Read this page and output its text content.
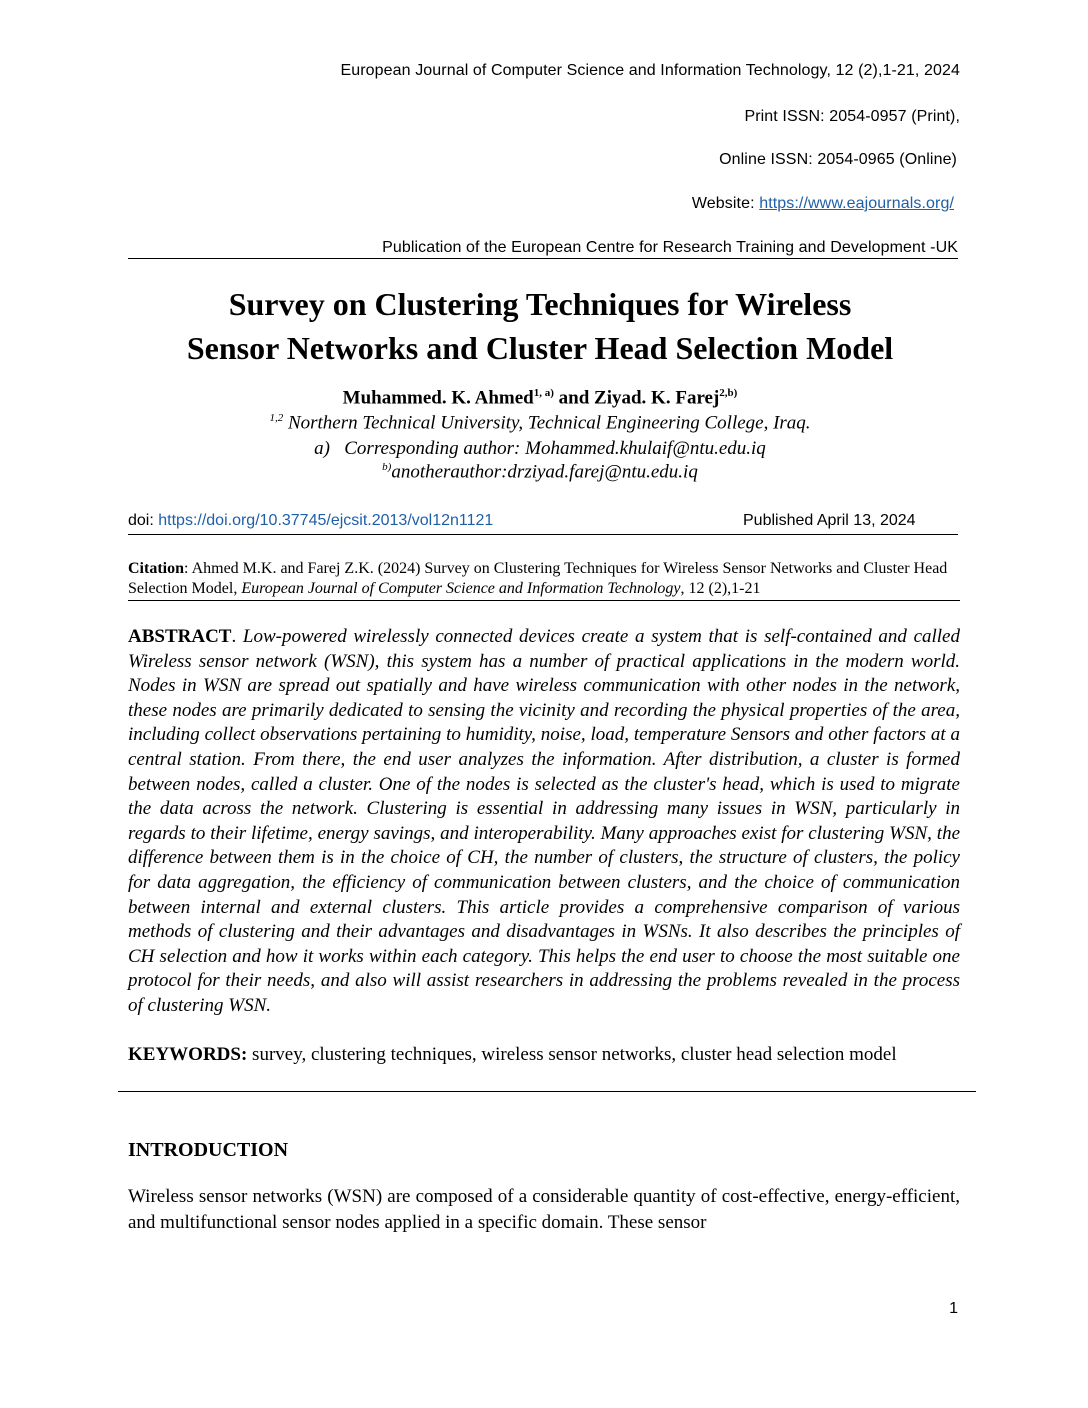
European Journal of Computer Science and Information Technology, 12 (2),1-21, 2024
Print ISSN: 2054-0957 (Print),
Online ISSN: 2054-0965 (Online)
Website: https://www.eajournals.org/
Publication of the European Centre for Research Training and Development -UK
Survey on Clustering Techniques for Wireless
Sensor Networks and Cluster Head Selection Model
Muhammed. K. Ahmed$^{1, a)}$ and Ziyad. K. Farej$^{2,b)}$
$^{1,2}$ Northern Technical University, Technical Engineering College, Iraq.
a) Corresponding author: Mohammed.khulaif@ntu.edu.iq
$^{b)}$anotherauthor:drziyad.farej@ntu.edu.iq
doi: https://doi.org/10.37745/ejcsit.2013/vol12n1121	Published April 13, 2024
Citation: Ahmed M.K. and Farej Z.K. (2024) Survey on Clustering Techniques for Wireless Sensor Networks and Cluster Head Selection Model, European Journal of Computer Science and Information Technology, 12 (2),1-21
ABSTRACT. Low-powered wirelessly connected devices create a system that is self-contained and called Wireless sensor network (WSN), this system has a number of practical applications in the modern world. Nodes in WSN are spread out spatially and have wireless communication with other nodes in the network, these nodes are primarily dedicated to sensing the vicinity and recording the physical properties of the area, including collect observations pertaining to humidity, noise, load, temperature Sensors and other factors at a central station. From there, the end user analyzes the information. After distribution, a cluster is formed between nodes, called a cluster. One of the nodes is selected as the cluster's head, which is used to migrate the data across the network. Clustering is essential in addressing many issues in WSN, particularly in regards to their lifetime, energy savings, and interoperability. Many approaches exist for clustering WSN, the difference between them is in the choice of CH, the number of clusters, the structure of clusters, the policy for data aggregation, the efficiency of communication between clusters, and the choice of communication between internal and external clusters. This article provides a comprehensive comparison of various methods of clustering and their advantages and disadvantages in WSNs. It also describes the principles of CH selection and how it works within each category. This helps the end user to choose the most suitable one protocol for their needs, and also will assist researchers in addressing the problems revealed in the process of clustering WSN.
KEYWORDS: survey, clustering techniques, wireless sensor networks, cluster head selection model
INTRODUCTION
Wireless sensor networks (WSN) are composed of a considerable quantity of cost-effective, energy-efficient, and multifunctional sensor nodes applied in a specific domain. These sensor
1
